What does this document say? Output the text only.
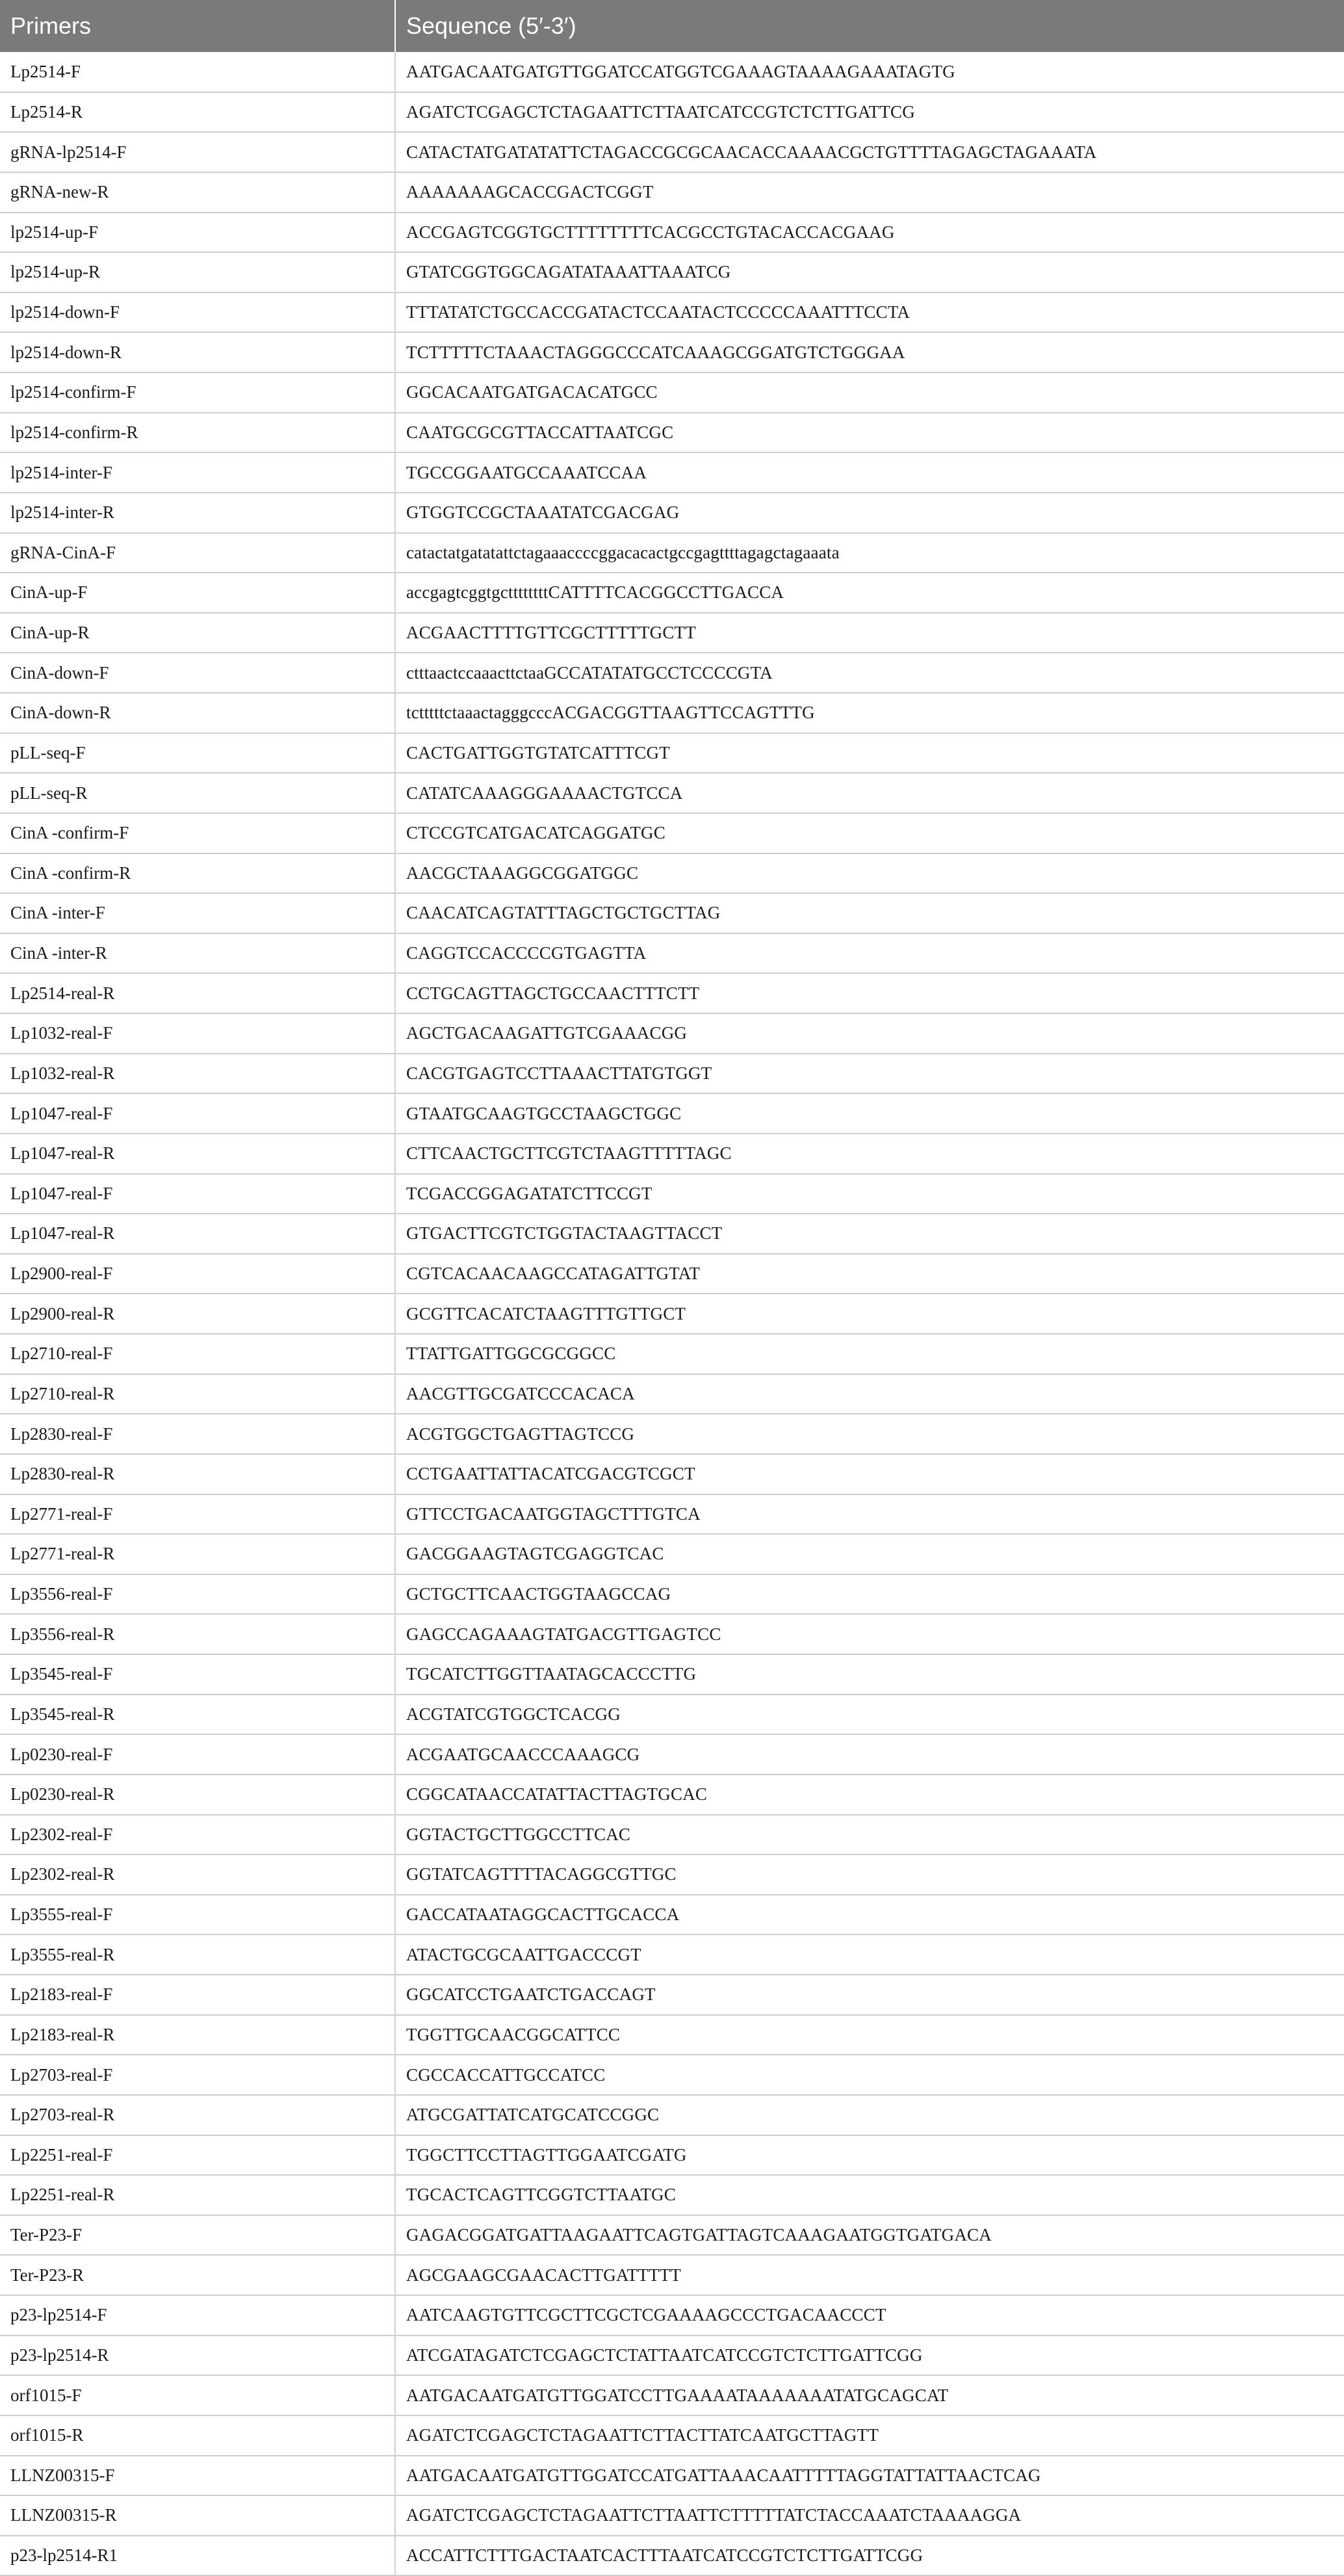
Primers	Sequence (5′-3′)
Lp2514-F	AATGACAATGATGTTGGATCCATGGTCGAAAGTAAAAGAAATAGTG
Lp2514-R	AGATCTCGAGCTCTAGAATTCTTAATCATCCGTCTCTTGATTCG
gRNA-lp2514-F	CATACTATGATATATTCTAGACCGCGCAACACCAAAACGCTGTTTTAGAGCTAGAAATA
gRNA-new-R	AAAAAAAGCACCGACTCGGT
lp2514-up-F	ACCGAGTCGGTGCTTTTTTTTCACGCCTGTACACCACGAAG
lp2514-up-R	GTATCGGTGGCAGATATAAATTAAATCG
lp2514-down-F	TTTATATCTGCCACCGATACTCCAATACTCCCCCAAATTTCCTA
lp2514-down-R	TCTTTTTCTAAACTAGGGCCCATCAAAGCGGATGTCTGGGAA
lp2514-confirm-F	GGCACAATGATGACACATGCC
lp2514-confirm-R	CAATGCGCGTTACCATTAATCGC
lp2514-inter-F	TGCCGGAATGCCAAATCCAA
lp2514-inter-R	GTGGTCCGCTAAATATCGACGAG
gRNA-CinA-F	catactatgatatattctagaaaccccggacacactgccgagttttagagctagaaata
CinA-up-F	accgagtcggtgcttttttttCATTTTCACGGCCTTGACCA
CinA-up-R	ACGAACTTTTGTTCGCTTTTTGCTT
CinA-down-F	ctttaactccaaacttctaaGCCATATATGCCTCCCCGTA
CinA-down-R	tctttttctaaactagggcccACGACGGTTAAGTTCCAGTTTG
pLL-seq-F	CACTGATTGGTGTATCATTTCGT
pLL-seq-R	CATATCAAAGGGAAAACTGTCCA
CinA -confirm-F	CTCCGTCATGACATCAGGATGC
CinA -confirm-R	AACGCTAAAGGCGGATGGC
CinA -inter-F	CAACATCAGTATTTAGCTGCTGCTTAG
CinA -inter-R	CAGGTCCACCCCGTGAGTTA
Lp2514-real-R	CCTGCAGTTAGCTGCCAACTTTCTT
Lp1032-real-F	AGCTGACAAGATTGTCGAAACGG
Lp1032-real-R	CACGTGAGTCCTTAAACTTATGTGGT
Lp1047-real-F	GTAATGCAAGTGCCTAAGCTGGC
Lp1047-real-R	CTTCAACTGCTTCGTCTAAGTTTTTAGC
Lp1047-real-F	TCGACCGGAGATATCTTCCGT
Lp1047-real-R	GTGACTTCGTCTGGTACTAAGTTACCT
Lp2900-real-F	CGTCACAACAAGCCATAGATTGTAT
Lp2900-real-R	GCGTTCACATCTAAGTTTGTTGCT
Lp2710-real-F	TTATTGATTGGCGCGGCC
Lp2710-real-R	AACGTTGCGATCCCACACA
Lp2830-real-F	ACGTGGCTGAGTTAGTCCG
Lp2830-real-R	CCTGAATTATTACATCGACGTCGCT
Lp2771-real-F	GTTCCTGACAATGGTAGCTTTGTCA
Lp2771-real-R	GACGGAAGTAGTCGAGGTCAC
Lp3556-real-F	GCTGCTTCAACTGGTAAGCCAG
Lp3556-real-R	GAGCCAGAAAGTATGACGTTGAGTCC
Lp3545-real-F	TGCATCTTGGTTAATAGCACCCTTG
Lp3545-real-R	ACGTATCGTGGCTCACGG
Lp0230-real-F	ACGAATGCAACCCAAAGCG
Lp0230-real-R	CGGCATAACCATATTACTTAGTGCAC
Lp2302-real-F	GGTACTGCTTGGCCTTCAC
Lp2302-real-R	GGTATCAGTTTTACAGGCGTTGC
Lp3555-real-F	GACCATAATAGGCACTTGCACCA
Lp3555-real-R	ATACTGCGCAATTGACCCGT
Lp2183-real-F	GGCATCCTGAATCTGACCAGT
Lp2183-real-R	TGGTTGCAACGGCATTCC
Lp2703-real-F	CGCCACCATTGCCATCC
Lp2703-real-R	ATGCGATTATCATGCATCCGGC
Lp2251-real-F	TGGCTTCCTTAGTTGGAATCGATG
Lp2251-real-R	TGCACTCAGTTCGGTCTTAATGC
Ter-P23-F	GAGACGGATGATTAAGAATTCAGTGATTAGTCAAAGAATGGTGATGACA
Ter-P23-R	AGCGAAGCGAACACTTGATTTTT
p23-lp2514-F	AATCAAGTGTTCGCTTCGCTCGAAAAGCCCTGACAACCCT
p23-lp2514-R	ATCGATAGATCTCGAGCTCTATTAATCATCCGTCTCTTGATTCGG
orf1015-F	AATGACAATGATGTTGGATCCTTGAAAATAAAAAAATATGCAGCAT
orf1015-R	AGATCTCGAGCTCTAGAATTCTTACTTATCAATGCTTAGTT
LLNZ00315-F	AATGACAATGATGTTGGATCCATGATTAAACAATTTTTAGGTATTATTAACTCAG
LLNZ00315-R	AGATCTCGAGCTCTAGAATTCTTAATTCTTTTTATCTACCAAATCTAAAAGGA
p23-lp2514-R1	ACCATTCTTTGACTAATCACTTTAATCATCCGTCTCTTGATTCGG
